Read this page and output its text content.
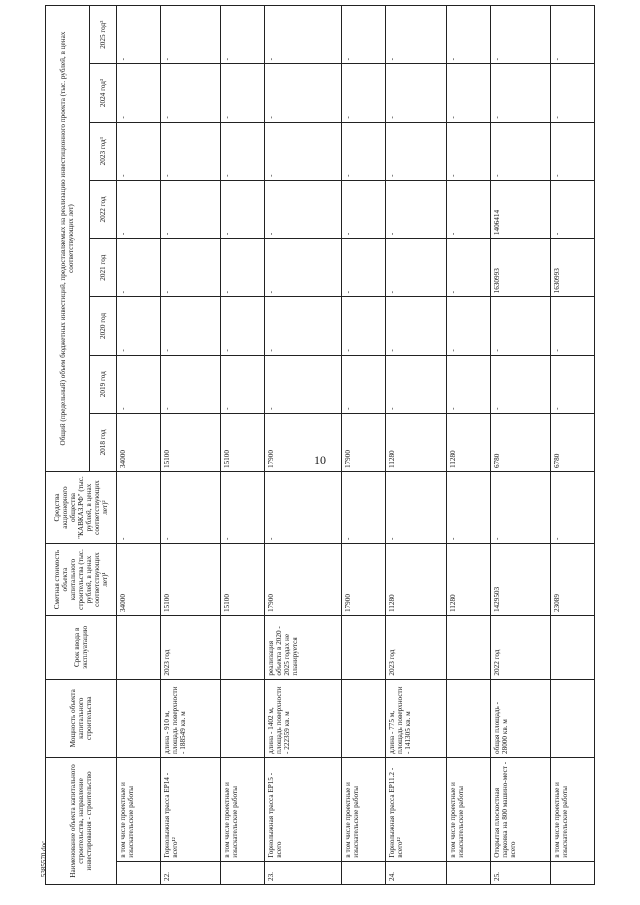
10
5385570.doc	Наименование объекта капитального строительства, направление инвестирования - строительство		Мощность объекта капитального строительства	Срок ввода в эксплуатацию	Сметная стоимость объекта капитального строительства (тыс. рублей, в ценах соответствующих лет)¹	Средства акционерного общества "КАВКАЗ.РФ" (тыс. рублей, в ценах соответствующих лет)²	Общий (предельный) объем бюджетных инвестиций, предоставляемых на реализацию инвестиционного проекта (тыс. рублей, в ценах соответствующих лет)							
						2018 год	2019 год	2020 год	2021 год	2022 год	2023 год³	2024 год³	2025 год³
	в том числе проектные и изыскательские работы			34000	-	34000	-	-	-	-	-	-	-
22.	Горнолыжная трасса ЕР14 - всего¹²	длина - 910 м, площадь поверхности - 188549 кв. м	2023 год	15100	-	15100	-	-	-	-	-	-	-
	в том числе проектные и изыскательские работы			15100	-	15100	-	-	-	-	-	-	-
23.	Горнолыжная трасса ЕР15 - всего	длина - 1402 м, площадь поверхности - 222359 кв. м	реализация объекта в 2020 - 2025 годах не планируется	17900	-	17900	-	-	-	-	-	-	-
	в том числе проектные и изыскательские работы			17900	-	17900	-	-	-	-	-	-	-
24.	Горнолыжная трасса ЕР11.2 - всего¹²	длина - 775 м, площадь поверхности - 141305 кв. м	2023 год	11280	-	11280	-	-	-	-	-	-	-
	в том числе проектные и изыскательские работы			11280	-	11280	-	-	-	-	-	-	-
25.	Открытая плоскостная парковка на 800 машино-мест - всего	общая площадь - 28000 кв. м	2022 год	1429503	-	6780	-	-	1630993	1406414	-	-	-
	в том числе проектные и изыскательские работы			23089	-	6780	-	-	1630993	-	-	-	-
